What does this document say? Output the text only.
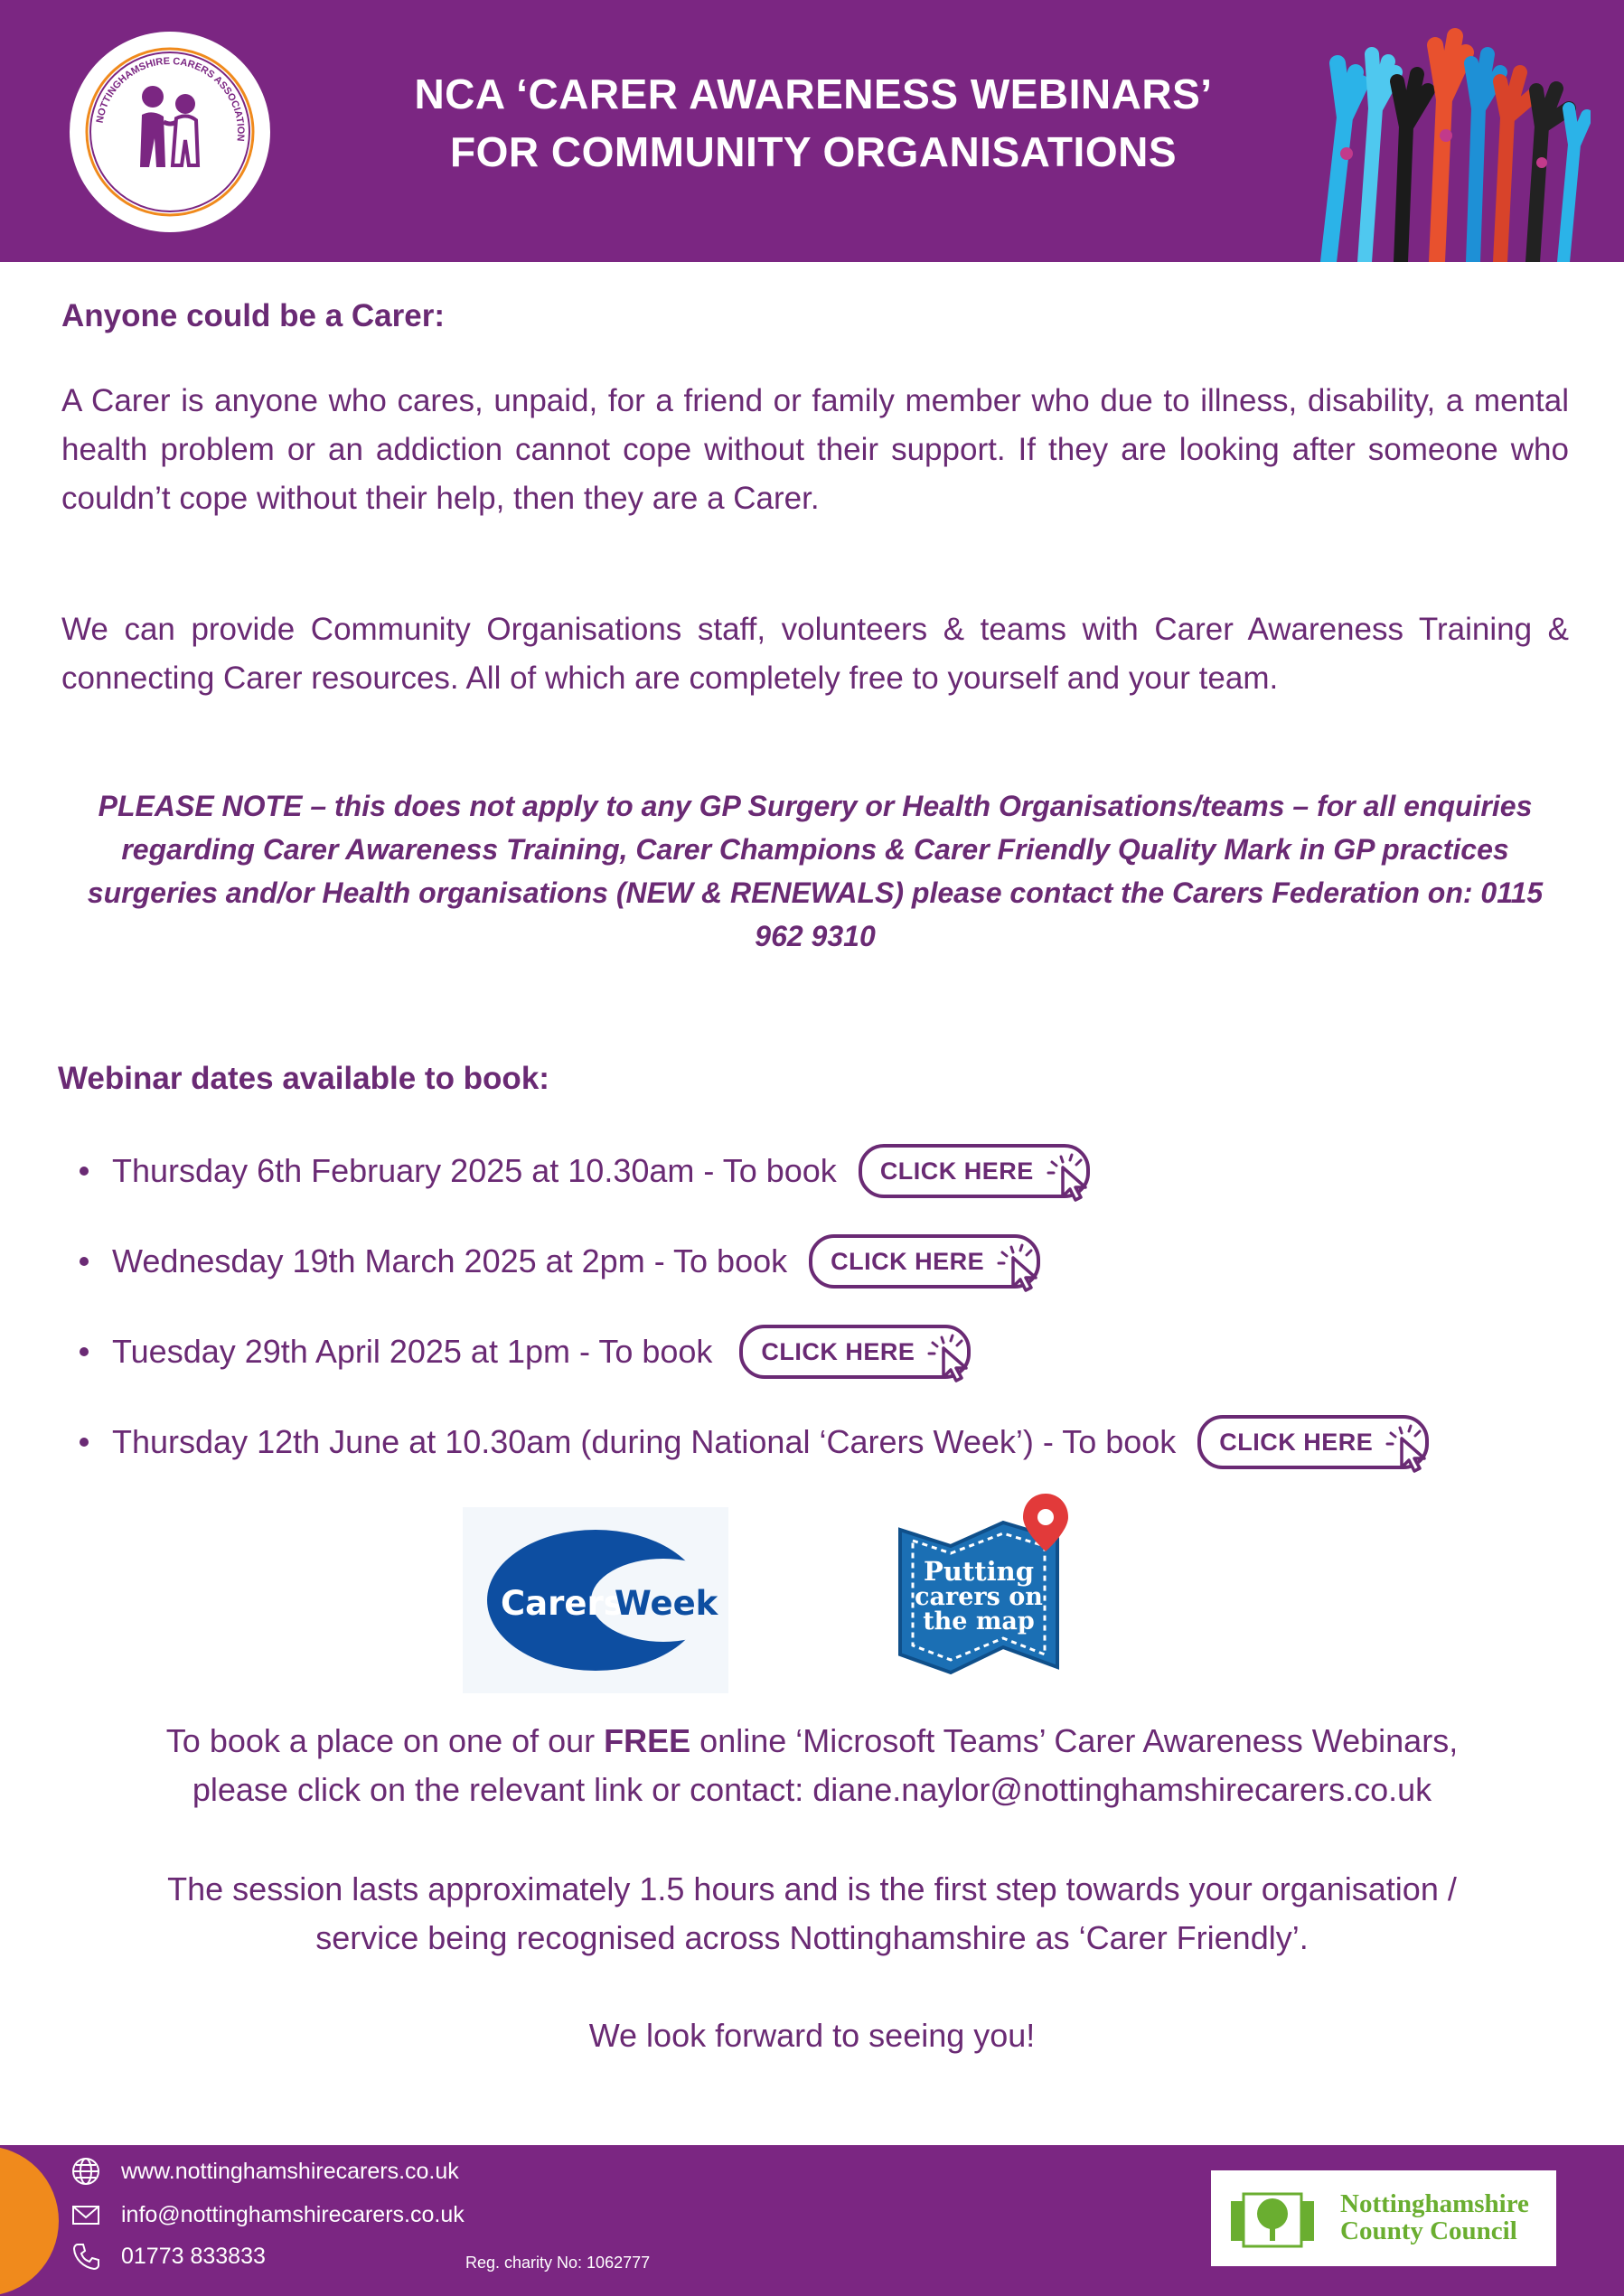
NOTTINGHAMSHIRE CARERS ASSOCIATION
NCA ‘CARER AWARENESS WEBINARS’
FOR COMMUNITY ORGANISATIONS
Anyone could be a Carer:
A Carer is anyone who cares, unpaid, for a friend or family member who due to illness, disability, a mental health problem or an addiction cannot cope without their support. If they are looking after someone who couldn’t cope without their help, then they are a Carer.
We can provide Community Organisations staff, volunteers & teams with Carer Awareness Training & connecting Carer resources. All of which are completely free to yourself and your team.
PLEASE NOTE – this does not apply to any GP Surgery or Health Organisations/teams – for all enquiries regarding Carer Awareness Training, Carer Champions & Carer Friendly Quality Mark in GP practices surgeries and/or Health organisations (NEW & RENEWALS) please contact the Carers Federation on: 0115 962 9310
Webinar dates available to book:
Thursday 6th February 2025 at 10.30am - To book CLICK HERE
Wednesday 19th March 2025 at 2pm - To book CLICK HERE
Tuesday 29th April 2025 at 1pm - To book CLICK HERE
Thursday 12th June at 10.30am (during National ‘Carers Week’) - To book CLICK HERE
Carers
Week
Putting
carers on
the map
To book a place on one of our FREE online ‘Microsoft Teams’ Carer Awareness Webinars,
please click on the relevant link or contact: diane.naylor@nottinghamshirecarers.co.uk
The session lasts approximately 1.5 hours and is the first step towards your organisation /
service being recognised across Nottinghamshire as ‘Carer Friendly’.
We look forward to seeing you!
www.nottinghamshirecarers.co.uk
info@nottinghamshirecarers.co.uk
01773 833833	Reg. charity No: 1062777
Nottinghamshire
County Council
